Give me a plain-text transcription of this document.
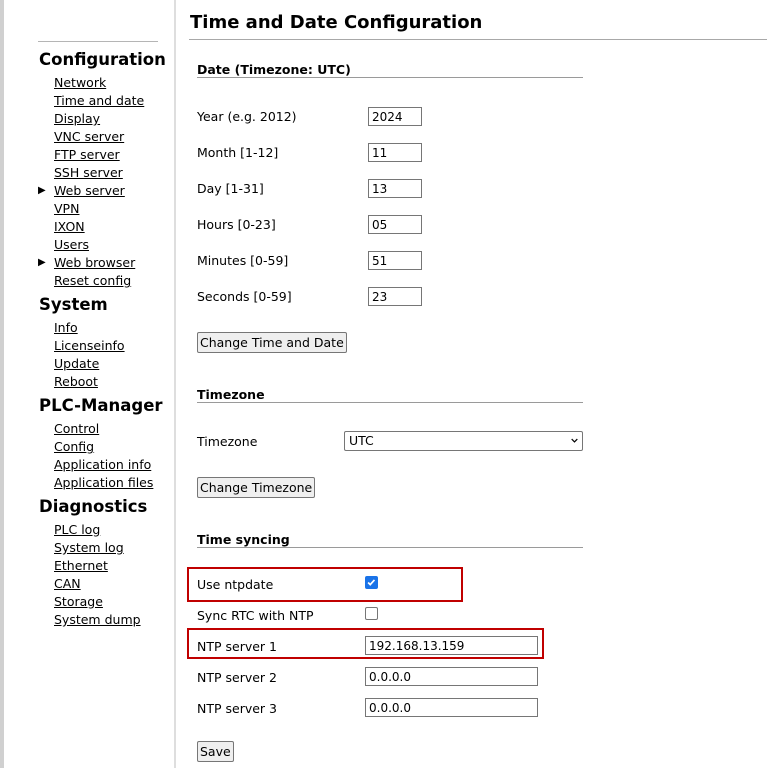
Configuration
Network
Time and date
Display
VNC server
FTP server
SSH server
▶ Web server
VPN
IXON
Users
▶ Web browser
Reset config
System
Info
Licenseinfo
Update
Reboot
PLC-Manager
Control
Config
Application info
Application files
Diagnostics
PLC log
System log
Ethernet
CAN
Storage
System dump
Time and Date Configuration
Date (Timezone: UTC)
Year (e.g. 2012)
2024
Month [1-12]
11
Day [1-31]
13
Hours [0-23]
05
Minutes [0-59]
51
Seconds [0-59]
23
Change Time and Date
Timezone
Timezone	UTC
Change Timezone
Time syncing
Use ntpdate
Sync RTC with NTP
NTP server 1
192.168.13.159
NTP server 2
0.0.0.0
NTP server 3
0.0.0.0
Save
